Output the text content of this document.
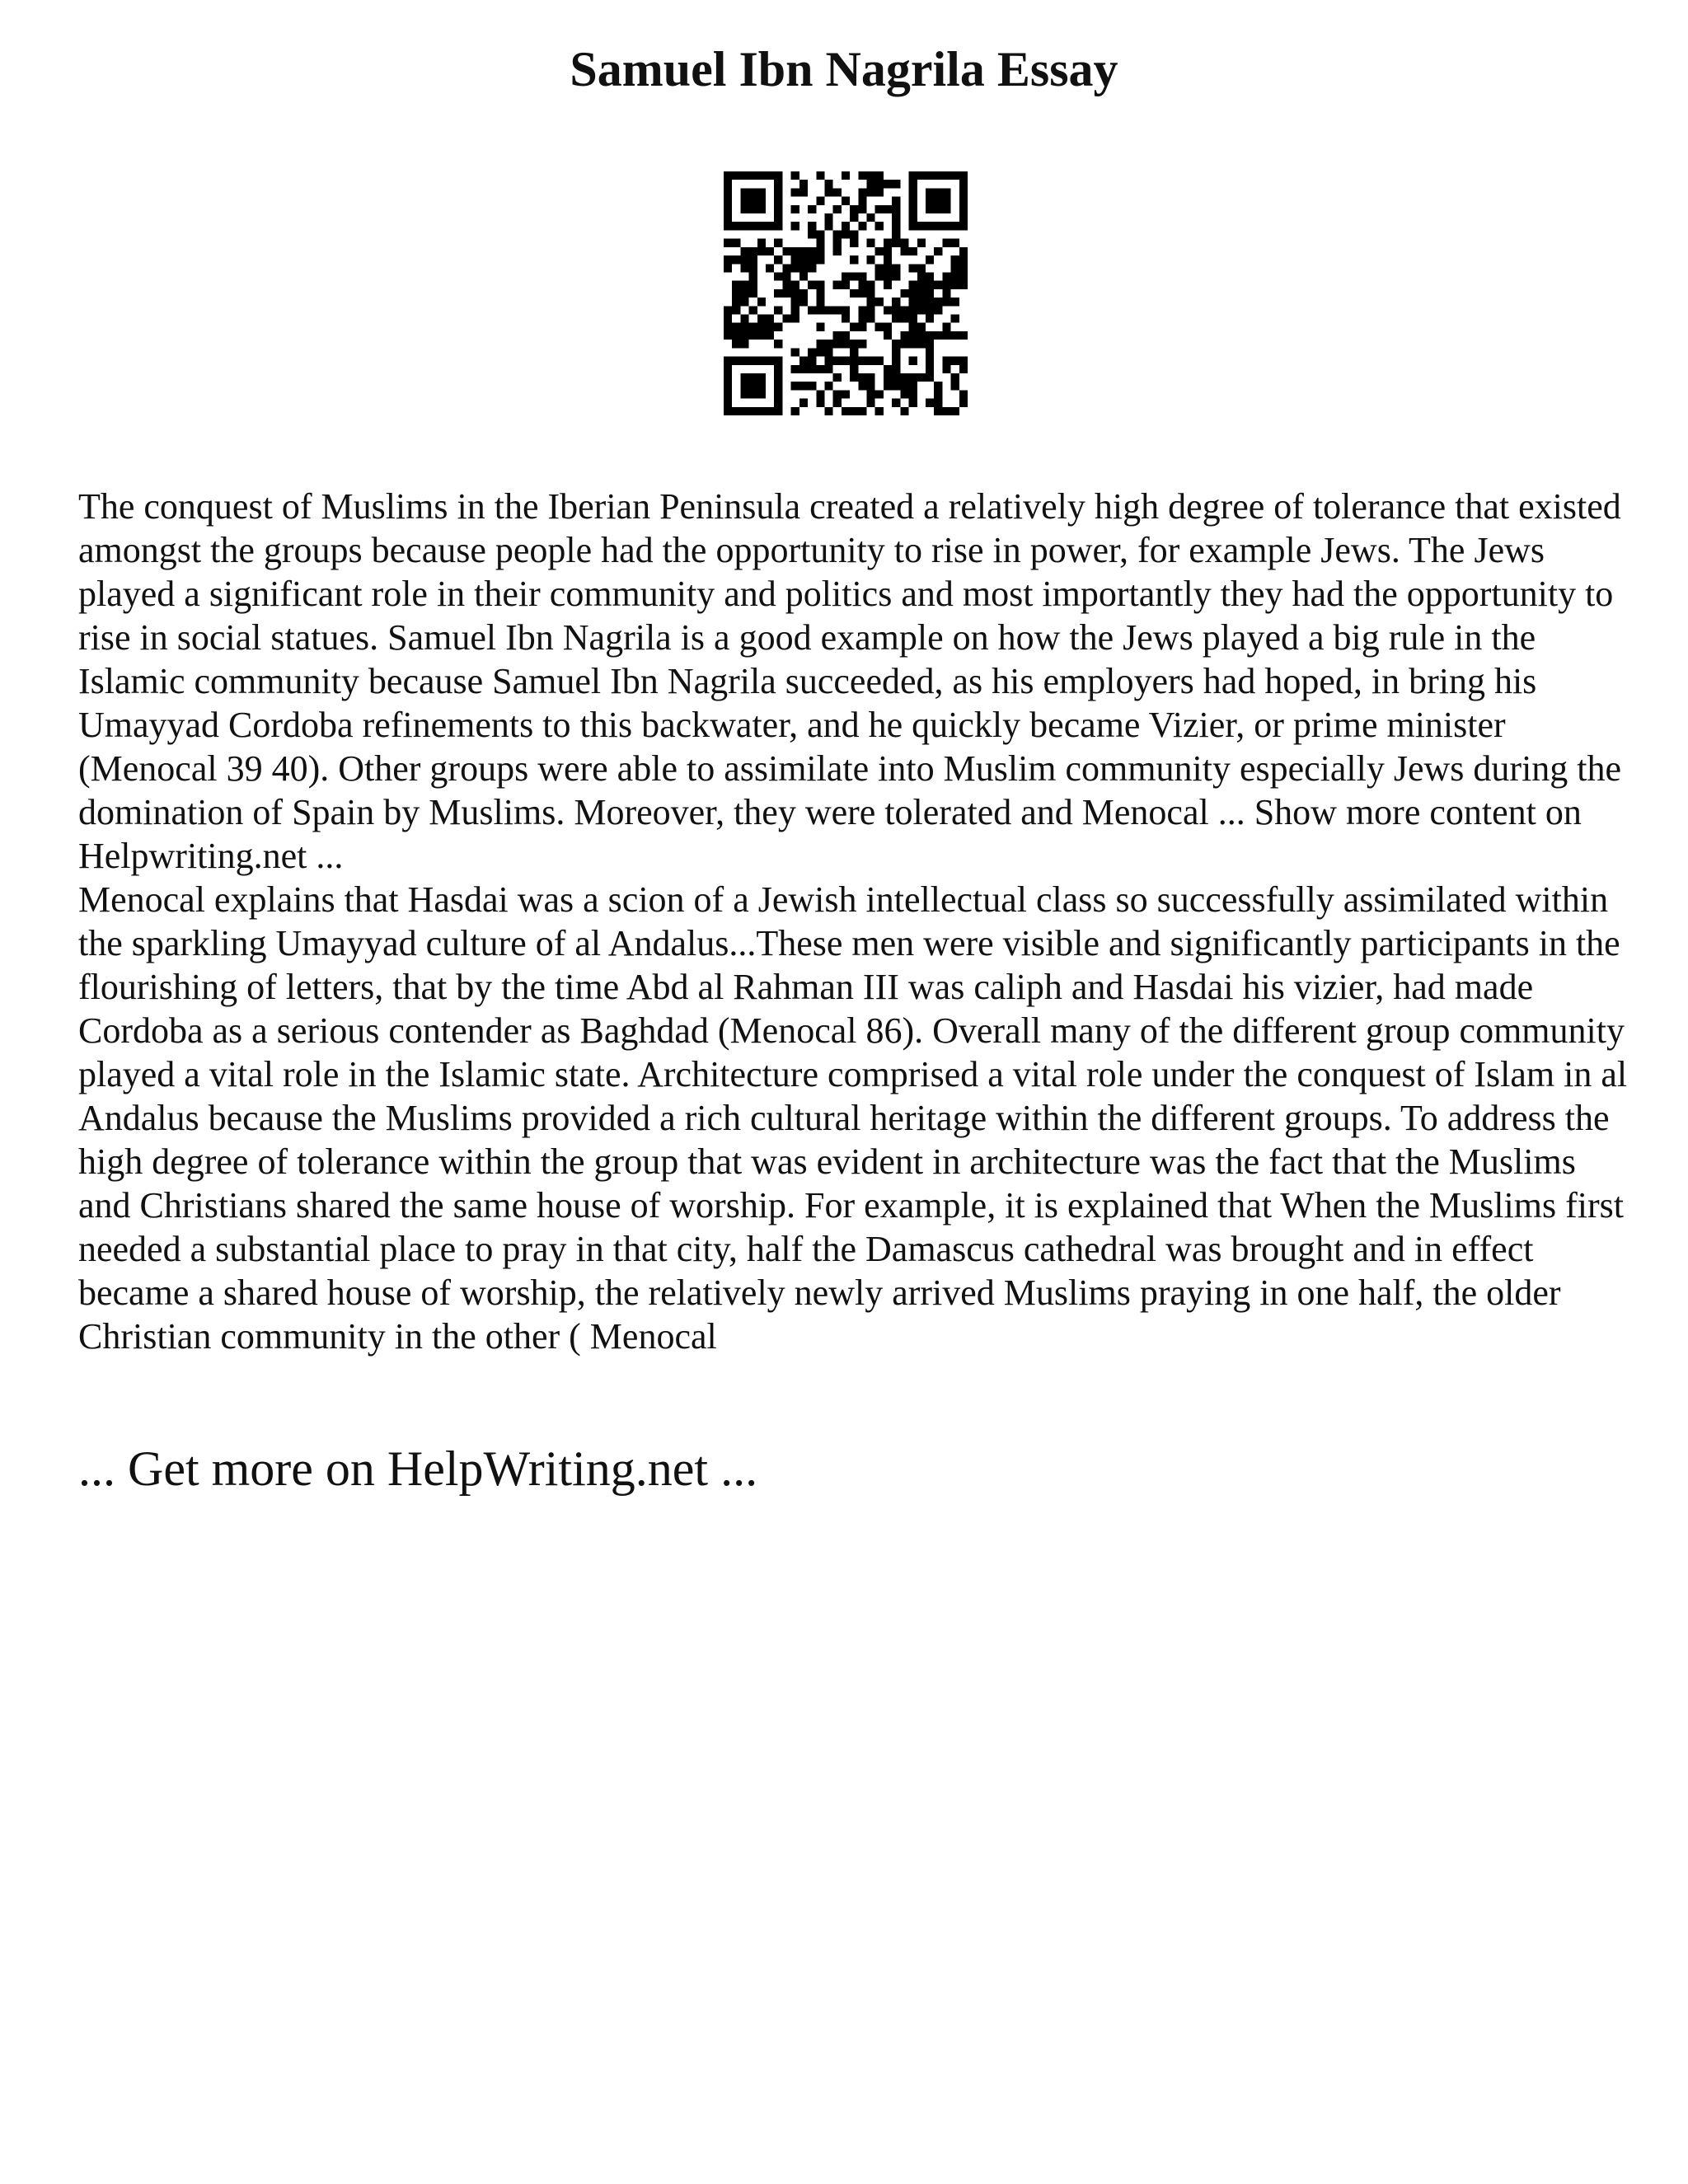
Samuel Ibn Nagrila Essay

The conquest of Muslims in the Iberian Peninsula created a relatively high degree of tolerance that existed amongst the groups because people had the opportunity to rise in power, for example Jews. The Jews played a significant role in their community and politics and most importantly they had the opportunity to rise in social statues. Samuel Ibn Nagrila is a good example on how the Jews played a big rule in the Islamic community because Samuel Ibn Nagrila succeeded, as his employers had hoped, in bring his Umayyad Cordoba refinements to this backwater, and he quickly became Vizier, or prime minister (Menocal 39 40). Other groups were able to assimilate into Muslim community especially Jews during the domination of Spain by Muslims. Moreover, they were tolerated and Menocal ... Show more content on Helpwriting.net ...

Menocal explains that Hasdai was a scion of a Jewish intellectual class so successfully assimilated within the sparkling Umayyad culture of al Andalus...These men were visible and significantly participants in the flourishing of letters, that by the time Abd al Rahman III was caliph and Hasdai his vizier, had made Cordoba as a serious contender as Baghdad (Menocal 86). Overall many of the different group community played a vital role in the Islamic state. Architecture comprised a vital role under the conquest of Islam in al Andalus because the Muslims provided a rich cultural heritage within the different groups. To address the high degree of tolerance within the group that was evident in architecture was the fact that the Muslims and Christians shared the same house of worship. For example, it is explained that When the Muslims first needed a substantial place to pray in that city, half the Damascus cathedral was brought and in effect became a shared house of worship, the relatively newly arrived Muslims praying in one half, the older Christian community in the other ( Menocal

... Get more on HelpWriting.net ...
